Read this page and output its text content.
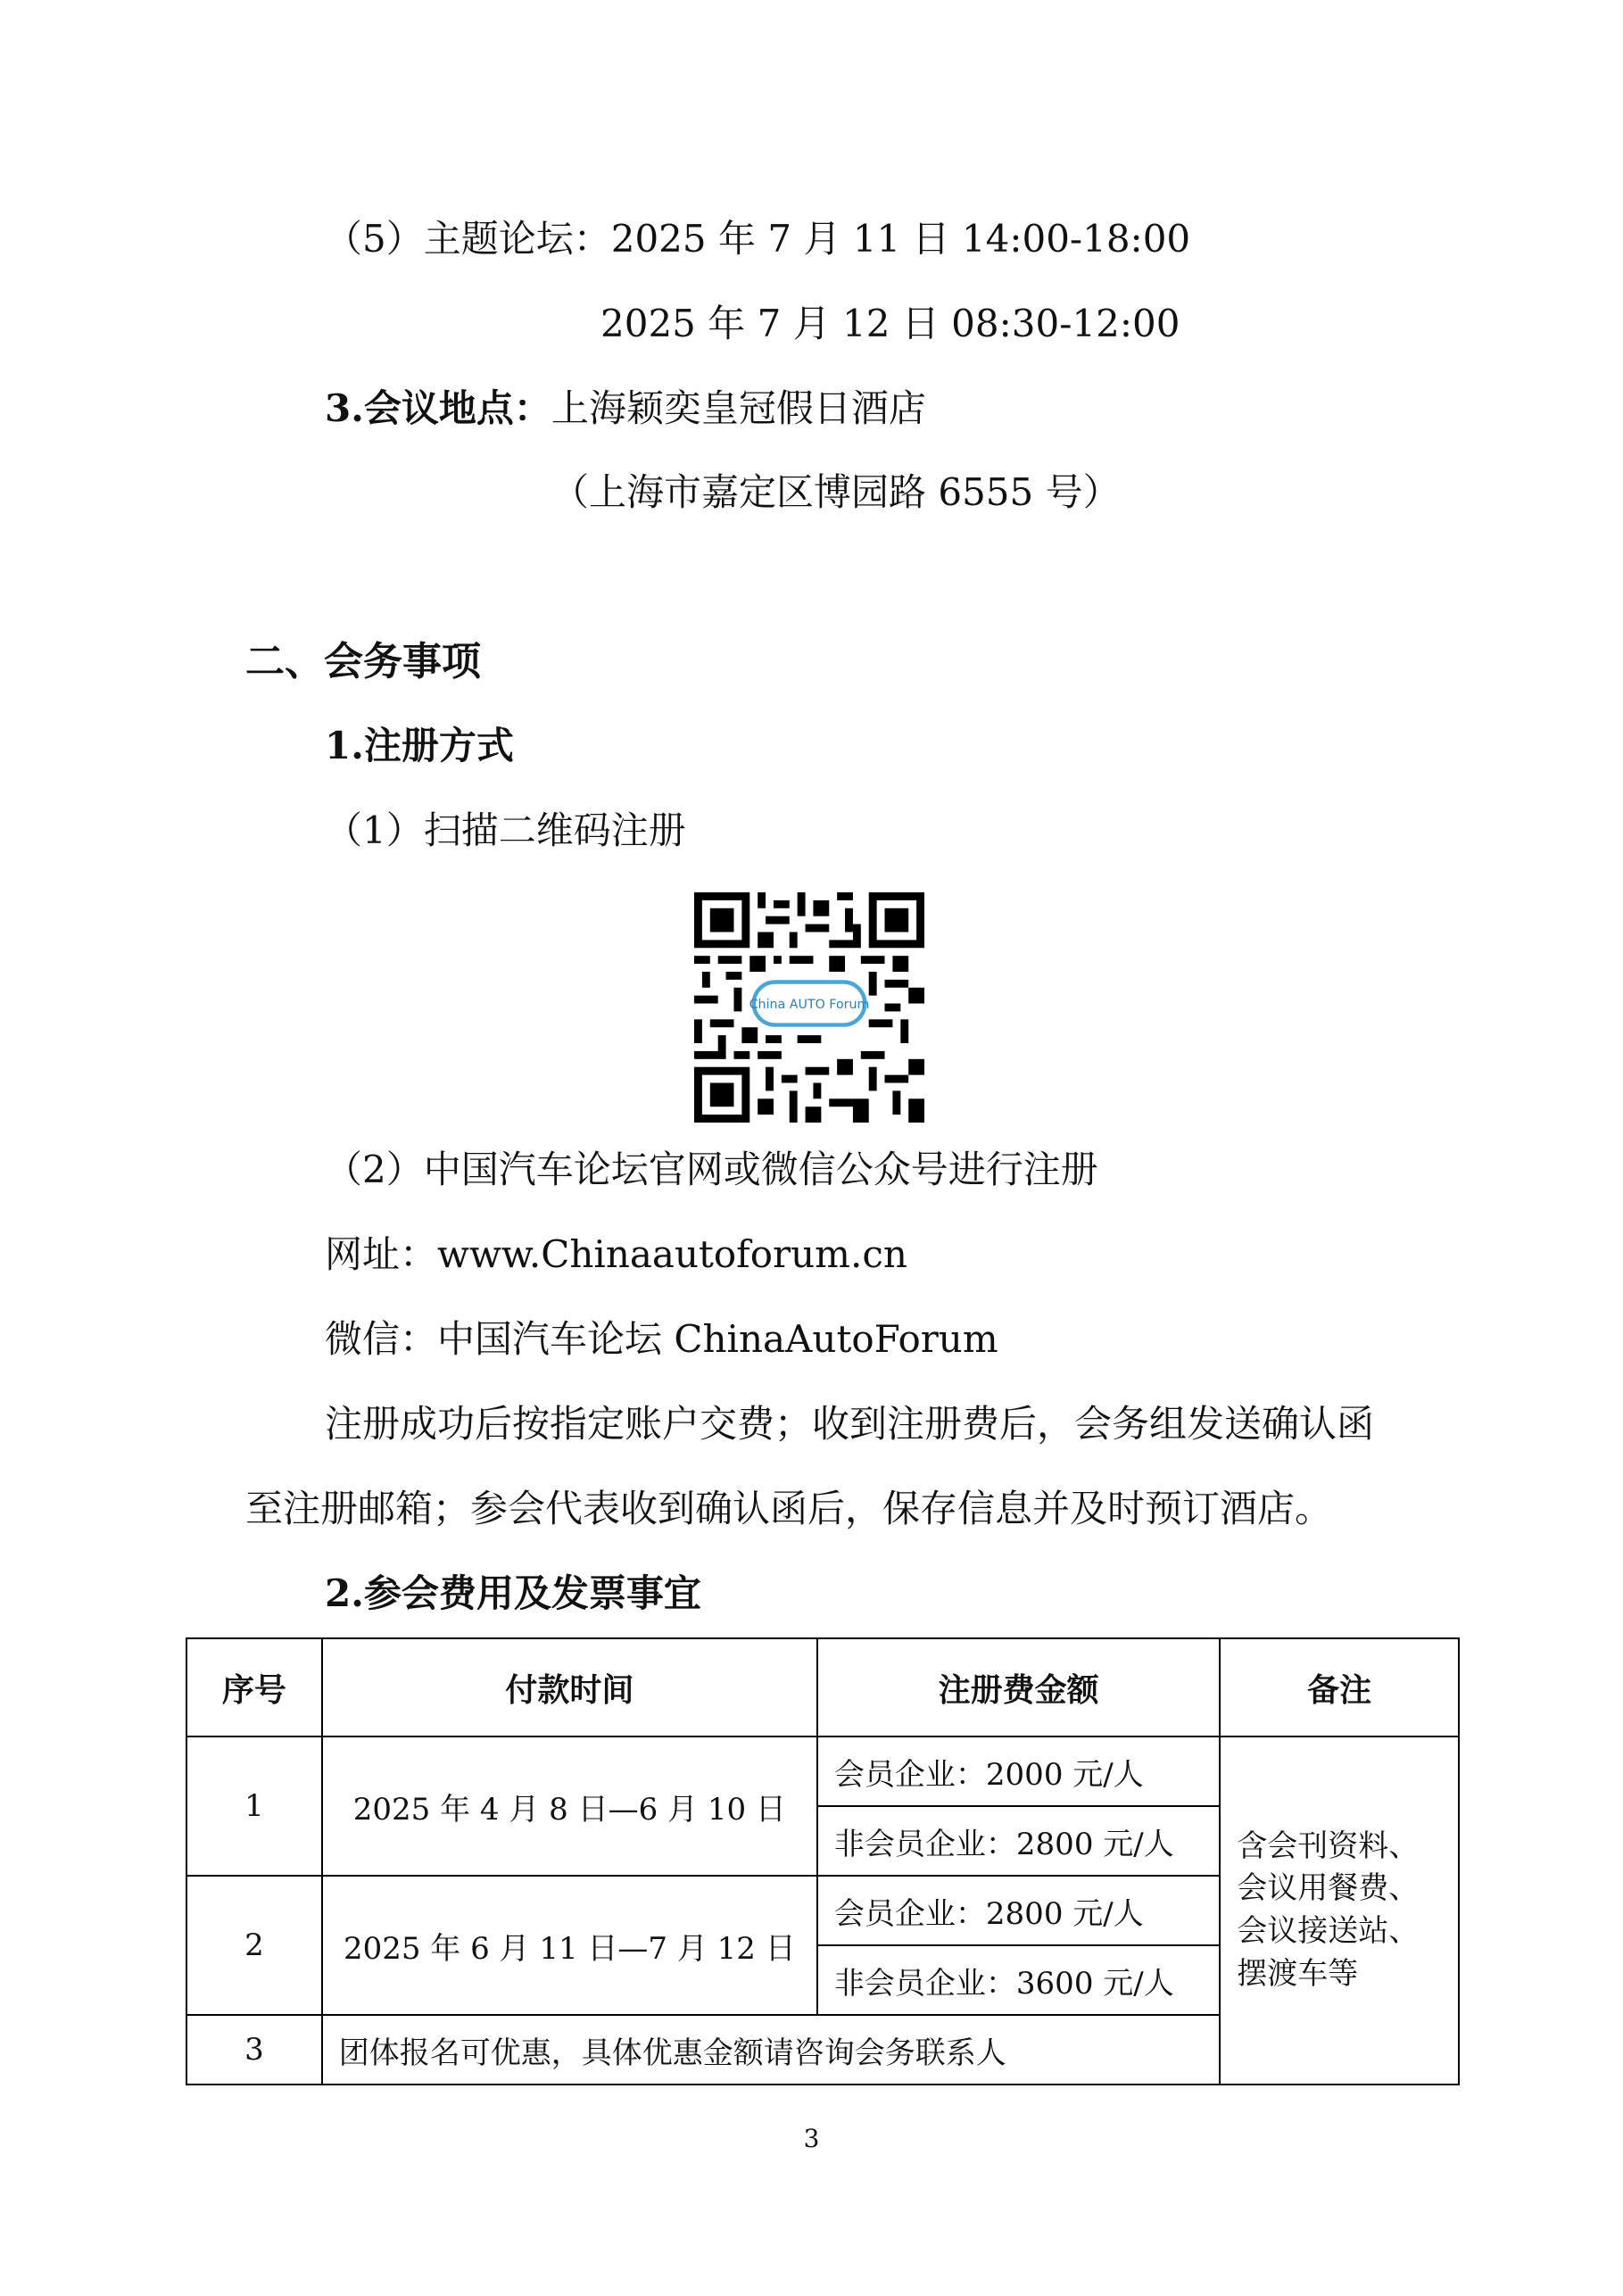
（5）主题论坛：2025 年 7 月 11 日 14:00-18:00
2025 年 7 月 12 日 08:30-12:00
3.会议地点：上海颖奕皇冠假日酒店
（上海市嘉定区博园路 6555 号）
二、会务事项
1.注册方式
（1）扫描二维码注册
China AUTO Forum
（2）中国汽车论坛官网或微信公众号进行注册
网址：www.Chinaautoforum.cn
微信：中国汽车论坛 ChinaAutoForum
注册成功后按指定账户交费；收到注册费后，会务组发送确认函
至注册邮箱；参会代表收到确认函后，保存信息并及时预订酒店。
2.参会费用及发票事宜
序号	付款时间	注册费金额	备注
1	2025 年 4 月 8 日—6 月 10 日	会员企业：2000 元/人	含会刊资料、
会议用餐费、
会议接送站、
摆渡车等

		非会员企业：2800 元/人	
2	2025 年 6 月 11 日—7 月 12 日	会员企业：2800 元/人	
		非会员企业：3600 元/人	
3	团体报名可优惠，具体优惠金额请咨询会务联系人		
3
